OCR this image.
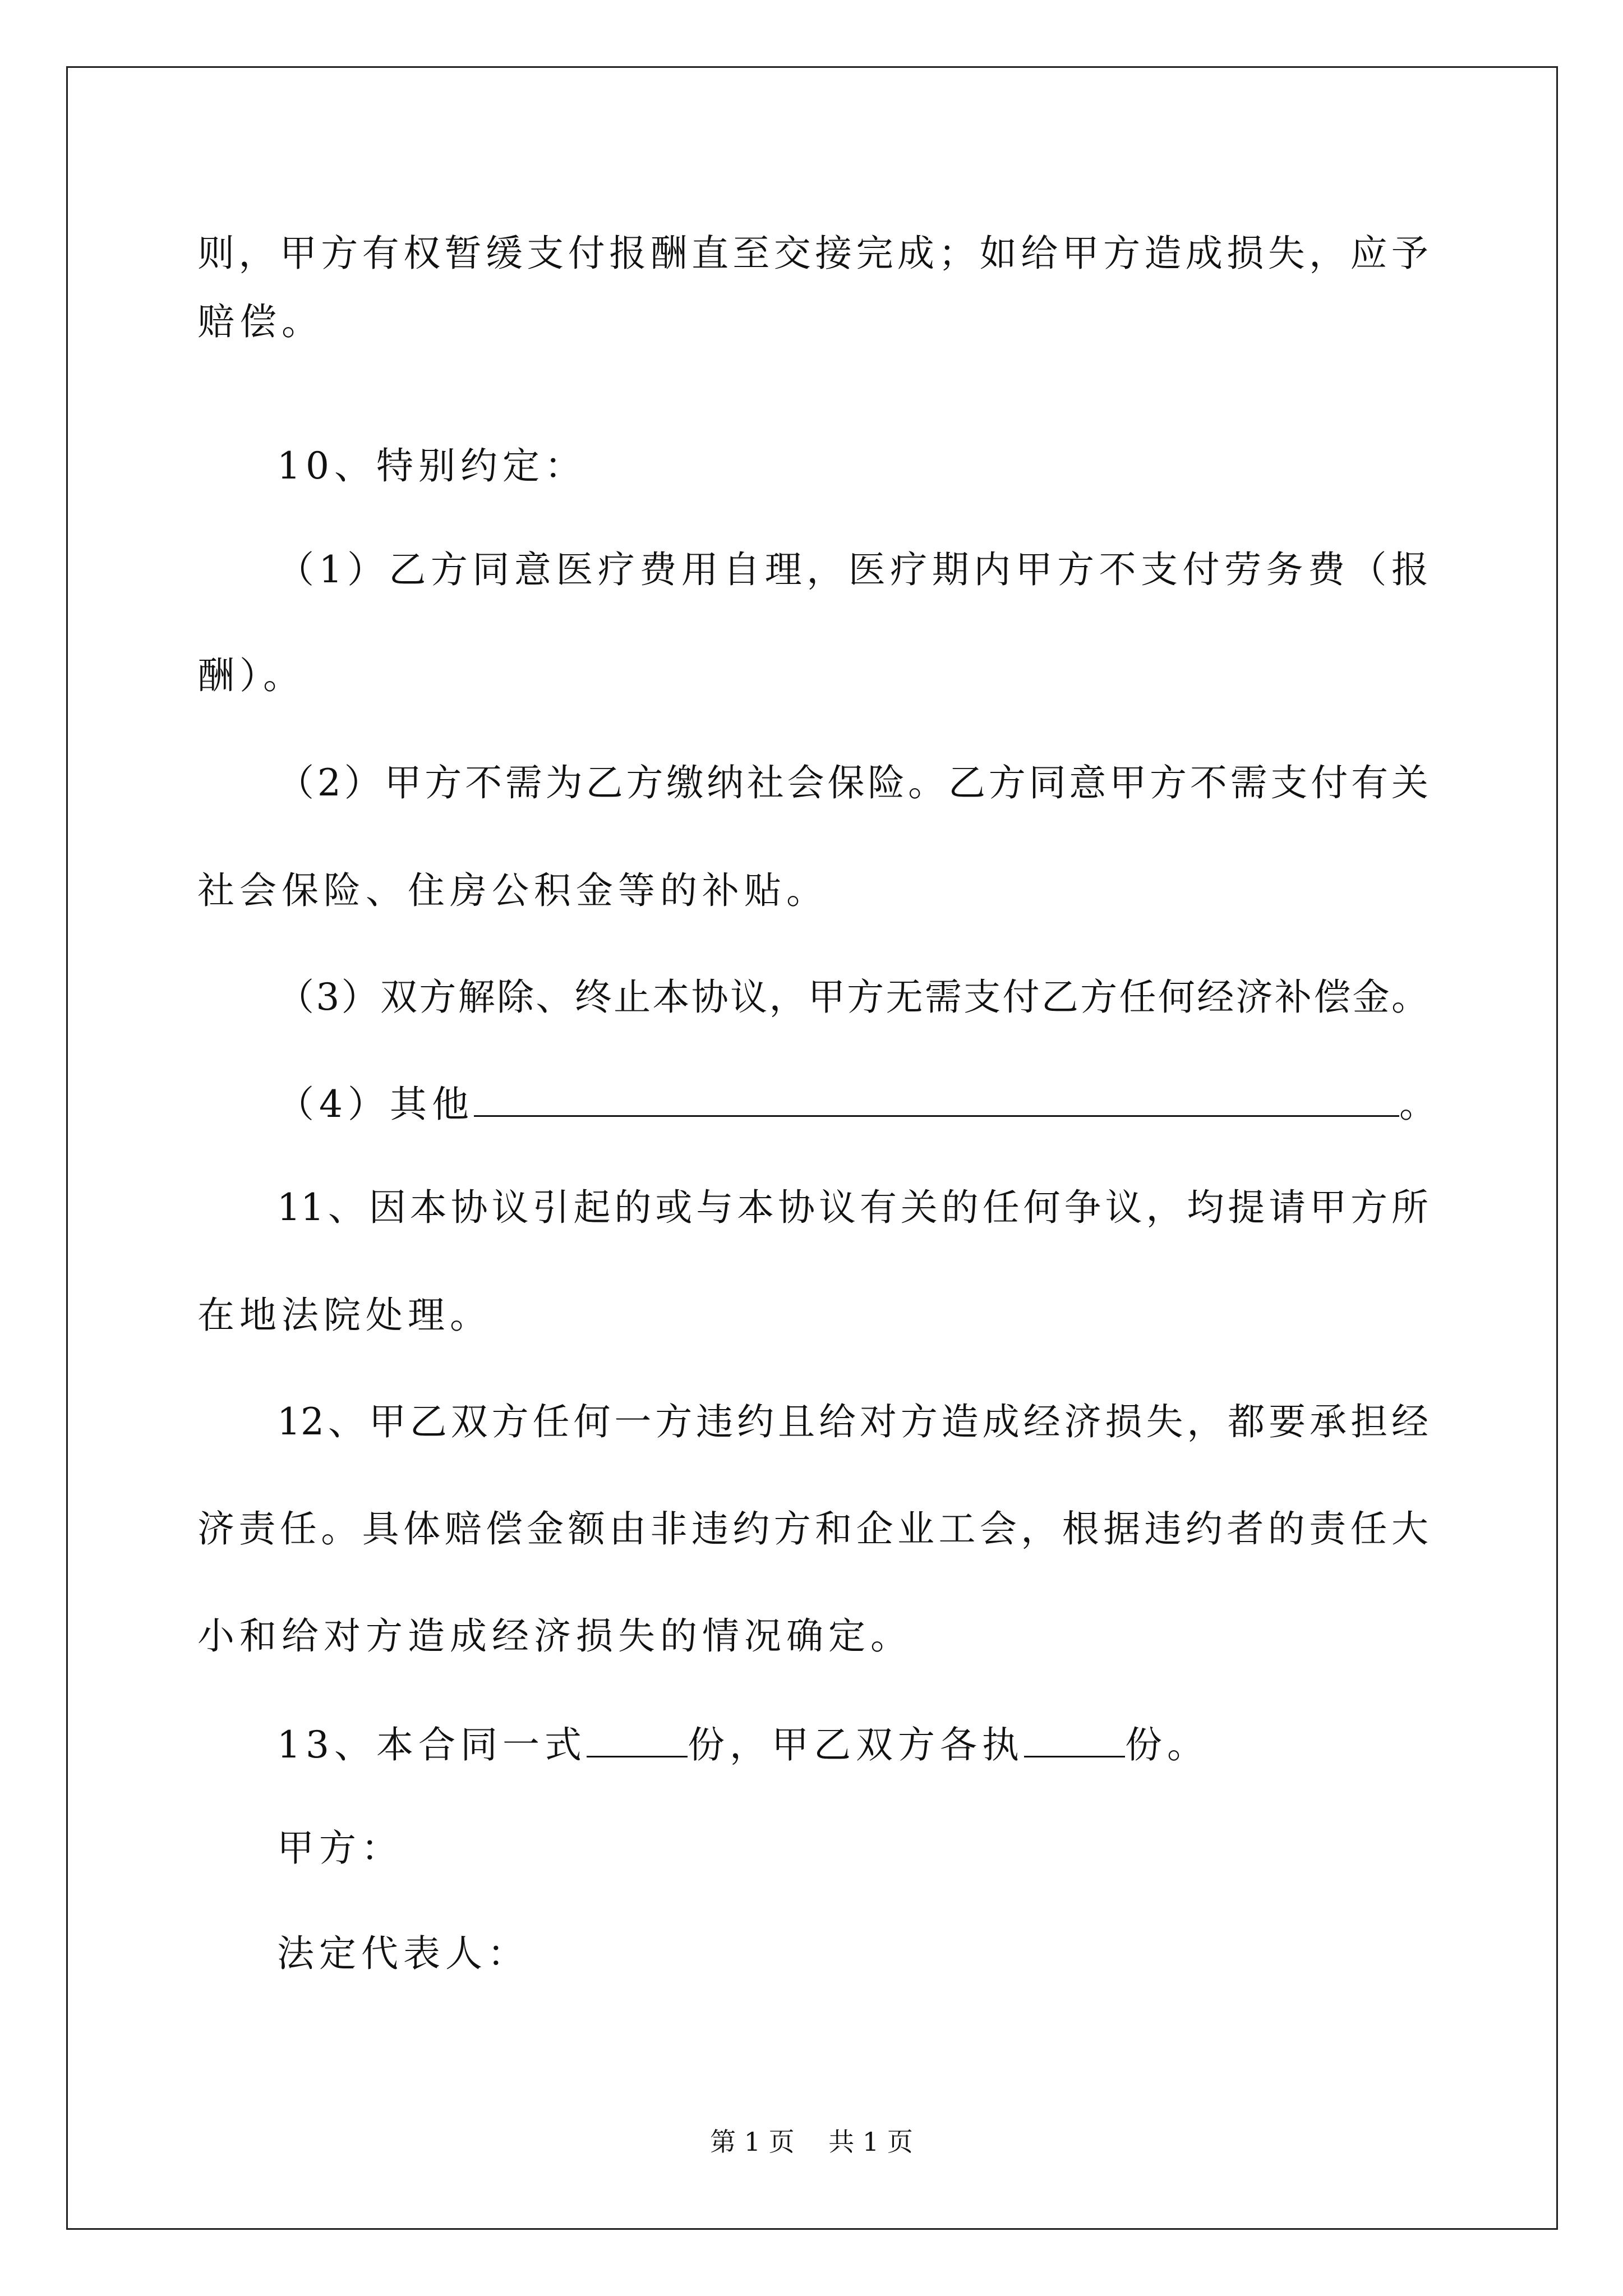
则，甲方有权暂缓支付报酬直至交接完成；如给甲方造成损失，应予
赔偿。
10、特别约定：
（1）乙方同意医疗费用自理，医疗期内甲方不支付劳务费（报
酬）。
（2）甲方不需为乙方缴纳社会保险。乙方同意甲方不需支付有关
社会保险、住房公积金等的补贴。
（3）双方解除、终止本协议，甲方无需支付乙方任何经济补偿金。
（4）其他	。
11、因本协议引起的或与本协议有关的任何争议，均提请甲方所
在地法院处理。
12、甲乙双方任何一方违约且给对方造成经济损失，都要承担经
济责任。具体赔偿金额由非违约方和企业工会，根据违约者的责任大
小和给对方造成经济损失的情况确定。
13、本合同一式	份，甲乙双方各执	份。
甲方：
法定代表人：
第 1 页　 共 1 页
